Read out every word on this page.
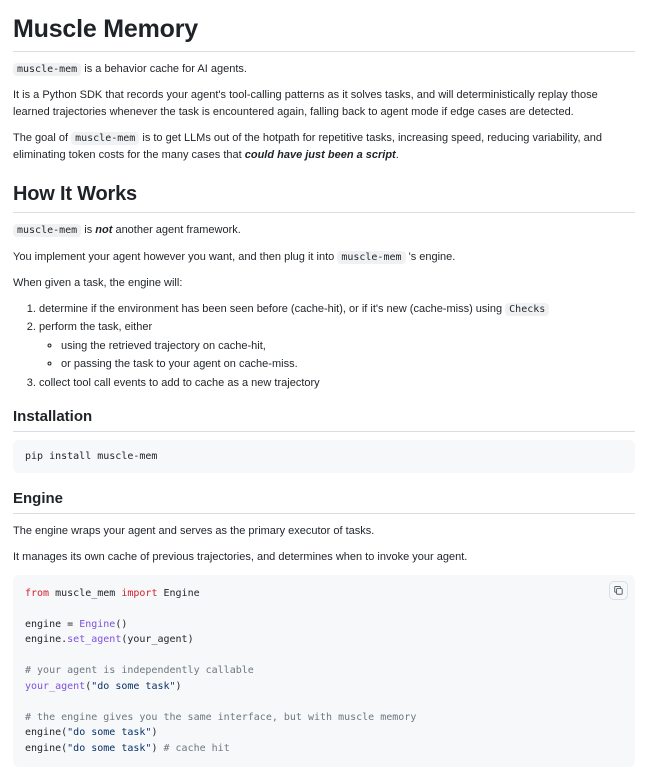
Muscle Memory

muscle-mem is a behavior cache for AI agents.

It is a Python SDK that records your agent's tool-calling patterns as it solves tasks, and will deterministically replay those learned trajectories whenever the task is encountered again, falling back to agent mode if edge cases are detected.

The goal of muscle-mem is to get LLMs out of the hotpath for repetitive tasks, increasing speed, reducing variability, and eliminating token costs for the many cases that could have just been a script.

How It Works

muscle-mem is not another agent framework.

You implement your agent however you want, and then plug it into muscle-mem 's engine.

When given a task, the engine will:

1. determine if the environment has been seen before (cache-hit), or if it's new (cache-miss) using Checks
2. perform the task, either
◦ using the retrieved trajectory on cache-hit,
◦ or passing the task to your agent on cache-miss.
3. collect tool call events to add to cache as a new trajectory
Installation
pip install muscle-mem
Engine

The engine wraps your agent and serves as the primary executor of tasks.

It manages its own cache of previous trajectories, and determines when to invoke your agent.

from muscle_mem import Engine

engine = Engine()
engine.set_agent(your_agent)

# your agent is independently callable
your_agent("do some task")

# the engine gives you the same interface, but with muscle memory
engine("do some task")
engine("do some task") # cache hit
